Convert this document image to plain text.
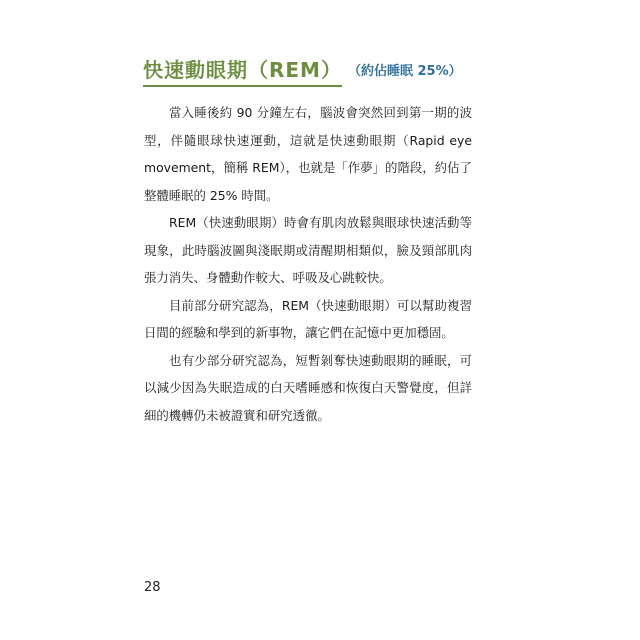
快速動眼期（REM） （約佔睡眠 25%）

當入睡後約 90 分鐘左右，腦波會突然回到第一期的波型，伴隨眼球快速運動，這就是快速動眼期（Rapid eye movement，簡稱 REM），也就是「作夢」的階段，約佔了整體睡眠的 25% 時間。

REM（快速動眼期）時會有肌肉放鬆與眼球快速活動等現象，此時腦波圖與淺眠期或清醒期相類似，臉及頸部肌肉張力消失、身體動作較大、呼吸及心跳較快。

目前部分研究認為，REM（快速動眼期）可以幫助複習日間的經驗和學到的新事物，讓它們在記憶中更加穩固。

也有少部分研究認為，短暫剝奪快速動眼期的睡眠，可以減少因為失眠造成的白天嗜睡感和恢復白天警覺度，但詳細的機轉仍未被證實和研究透徹。

28
